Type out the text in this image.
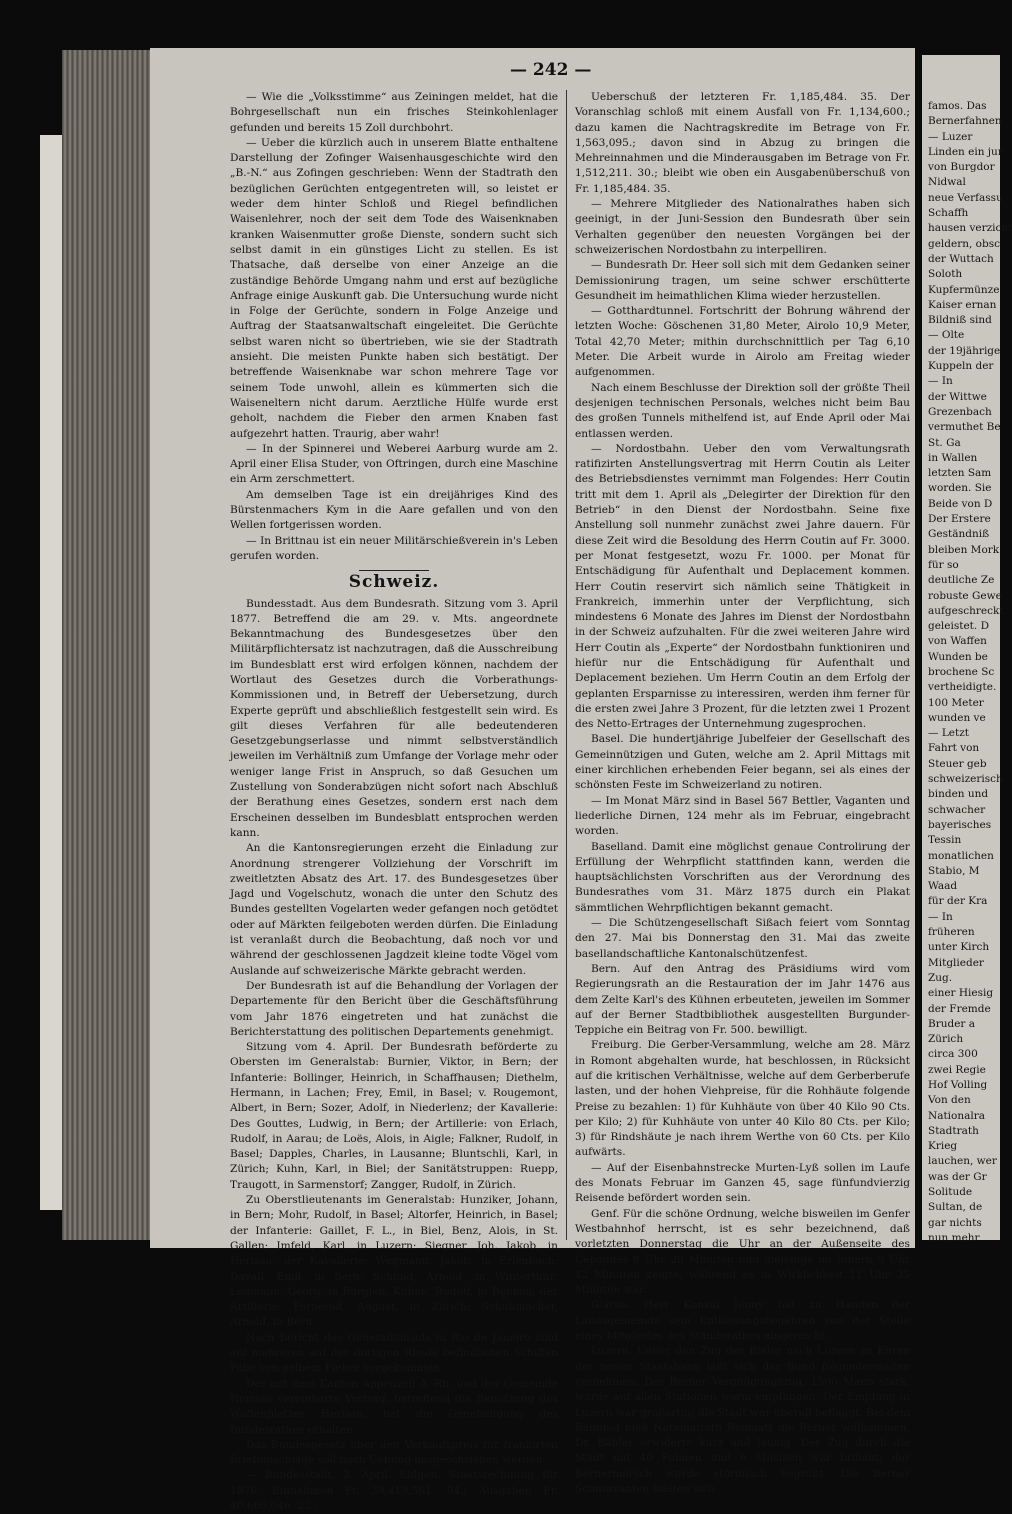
— 242 —

— Wie die „Volksstimme“ aus Zeiningen meldet, hat die Bohrgesellschaft nun ein frisches Steinkohlenlager gefunden und bereits 15 Zoll durchbohrt.

— Ueber die kürzlich auch in unserem Blatte enthaltene Darstellung der Zofinger Waisenhausgeschichte wird den „B.-N.“ aus Zofingen geschrieben: Wenn der Stadtrath den bezüglichen Gerüchten entgegentreten will, so leistet er weder dem hinter Schloß und Riegel befindlichen Waisenlehrer, noch der seit dem Tode des Waisenknaben kranken Waisenmutter große Dienste, sondern sucht sich selbst damit in ein günstiges Licht zu stellen. Es ist Thatsache, daß derselbe von einer Anzeige an die zuständige Behörde Umgang nahm und erst auf bezügliche Anfrage einige Auskunft gab. Die Untersuchung wurde nicht in Folge der Gerüchte, sondern in Folge Anzeige und Auftrag der Staatsanwaltschaft eingeleitet. Die Gerüchte selbst waren nicht so übertrieben, wie sie der Stadtrath ansieht. Die meisten Punkte haben sich bestätigt. Der betreffende Waisenknabe war schon mehrere Tage vor seinem Tode unwohl, allein es kümmerten sich die Waiseneltern nicht darum. Aerztliche Hülfe wurde erst geholt, nachdem die Fieber den armen Knaben fast aufgezehrt hatten. Traurig, aber wahr!

— In der Spinnerei und Weberei Aarburg wurde am 2. April einer Elisa Studer, von Oftringen, durch eine Maschine ein Arm zerschmettert.

Am demselben Tage ist ein dreijähriges Kind des Bürstenmachers Kym in die Aare gefallen und von den Wellen fortgerissen worden.

— In Brittnau ist ein neuer Militärschießverein in's Leben gerufen worden.

Schweiz.

Bundesstadt. Aus dem Bundesrath. Sitzung vom 3. April 1877. Betreffend die am 29. v. Mts. angeordnete Bekanntmachung des Bundesgesetzes über den Militärpflichtersatz ist nachzutragen, daß die Ausschreibung im Bundesblatt erst wird erfolgen können, nachdem der Wortlaut des Gesetzes durch die Vorberathungs-Kommissionen und, in Betreff der Uebersetzung, durch Experte geprüft und abschließlich festgestellt sein wird. Es gilt dieses Verfahren für alle bedeutenderen Gesetzgebungserlasse und nimmt selbstverständlich jeweilen im Verhältniß zum Umfange der Vorlage mehr oder weniger lange Frist in Anspruch, so daß Gesuchen um Zustellung von Sonderabzügen nicht sofort nach Abschluß der Berathung eines Gesetzes, sondern erst nach dem Erscheinen desselben im Bundesblatt entsprochen werden kann.

An die Kantonsregierungen erzeht die Einladung zur Anordnung strengerer Vollziehung der Vorschrift im zweitletzten Absatz des Art. 17. des Bundesgesetzes über Jagd und Vogelschutz, wonach die unter den Schutz des Bundes gestellten Vogelarten weder gefangen noch getödtet oder auf Märkten feilgeboten werden dürfen. Die Einladung ist veranlaßt durch die Beobachtung, daß noch vor und während der geschlossenen Jagdzeit kleine todte Vögel vom Auslande auf schweizerische Märkte gebracht werden.

Der Bundesrath ist auf die Behandlung der Vorlagen der Departemente für den Bericht über die Geschäftsführung vom Jahr 1876 eingetreten und hat zunächst die Berichterstattung des politischen Departements genehmigt.

Sitzung vom 4. April. Der Bundesrath beförderte zu Obersten im Generalstab: Burnier, Viktor, in Bern; der Infanterie: Bollinger, Heinrich, in Schaffhausen; Diethelm, Hermann, in Lachen; Frey, Emil, in Basel; v. Rougemont, Albert, in Bern; Sozer, Adolf, in Niederlenz; der Kavallerie: Des Gouttes, Ludwig, in Bern; der Artillerie: von Erlach, Rudolf, in Aarau; de Loës, Alois, in Aigle; Falkner, Rudolf, in Basel; Dapples, Charles, in Lausanne; Bluntschli, Karl, in Zürich; Kuhn, Karl, in Biel; der Sanitätstruppen: Ruepp, Traugott, in Sarmenstorf; Zangger, Rudolf, in Zürich.

Zu Oberstlieutenants im Generalstab: Hunziker, Johann, in Bern; Mohr, Rudolf, in Basel; Altorfer, Heinrich, in Basel; der Infanterie: Gaillet, F. L., in Biel, Benz, Alois, in St. Gallen; Imfeld, Karl, in Luzern; Siegner, Joh. Jakob, in Herisau; der Kavallerie: Wegmann, Jakob, in Erlenbach; Davall, Emil, in Bern; Schmid, Arnold, in Winterthur; Leumann, Georg, in Bürglen; Kühne, Rudolf, in Benken; der Artillerie: Fornerod, August, in Zürich; Schuhmacher, Arnold, in Bern.

Nach Bericht des Generalkonsuls in Rio de Janeiro sind auf mehreren auf der dortigen Rhede befindlichen Schiffen Fälle von gelbem Fieber vorgekommen.

Der mit dem Kanton Appenzell A.-Rh. und der Gemeinde Herisau vereinbarte Vertrag, betreffend die Benutzung des Waffenplatzes Herisau, hat die Genehmigung des Bundesrathes erhalten.

Das Bundesgesetz über den Verkaufspreis für frankirten Briefumschläge soll nach Uebung ausgeschrieben werden.

— Bundesstadt, 2. April. Eidgen. Staatsrechnung für 1876. Einnahmen Fr. 39,419,561. 94.; Ausgaben Fr. 40,605,046. 22.;

Ueberschuß der letzteren Fr. 1,185,484. 35. Der Voranschlag schloß mit einem Ausfall von Fr. 1,134,600.; dazu kamen die Nachtragskredite im Betrage von Fr. 1,563,095.; davon sind in Abzug zu bringen die Mehreinnahmen und die Minderausgaben im Betrage von Fr. 1,512,211. 30.; bleibt wie oben ein Ausgabenüberschuß von Fr. 1,185,484. 35.

— Mehrere Mitglieder des Nationalrathes haben sich geeinigt, in der Juni-Session den Bundesrath über sein Verhalten gegenüber den neuesten Vorgängen bei der schweizerischen Nordostbahn zu interpelliren.

— Bundesrath Dr. Heer soll sich mit dem Gedanken seiner Demissionirung tragen, um seine schwer erschütterte Gesundheit im heimathlichen Klima wieder herzustellen.

— Gotthardtunnel. Fortschritt der Bohrung während der letzten Woche: Göschenen 31,80 Meter, Airolo 10,9 Meter, Total 42,70 Meter; mithin durchschnittlich per Tag 6,10 Meter. Die Arbeit wurde in Airolo am Freitag wieder aufgenommen.

Nach einem Beschlusse der Direktion soll der größte Theil desjenigen technischen Personals, welches nicht beim Bau des großen Tunnels mithelfend ist, auf Ende April oder Mai entlassen werden.

— Nordostbahn. Ueber den vom Verwaltungsrath ratifizirten Anstellungsvertrag mit Herrn Coutin als Leiter des Betriebsdienstes vernimmt man Folgendes: Herr Coutin tritt mit dem 1. April als „Delegirter der Direktion für den Betrieb“ in den Dienst der Nordostbahn. Seine fixe Anstellung soll nunmehr zunächst zwei Jahre dauern. Für diese Zeit wird die Besoldung des Herrn Coutin auf Fr. 3000. per Monat festgesetzt, wozu Fr. 1000. per Monat für Entschädigung für Aufenthalt und Deplacement kommen. Herr Coutin reservirt sich nämlich seine Thätigkeit in Frankreich, immerhin unter der Verpflichtung, sich mindestens 6 Monate des Jahres im Dienst der Nordostbahn in der Schweiz aufzuhalten. Für die zwei weiteren Jahre wird Herr Coutin als „Experte“ der Nordostbahn funktioniren und hiefür nur die Entschädigung für Aufenthalt und Deplacement beziehen. Um Herrn Coutin an dem Erfolg der geplanten Ersparnisse zu interessiren, werden ihm ferner für die ersten zwei Jahre 3 Prozent, für die letzten zwei 1 Prozent des Netto-Ertrages der Unternehmung zugesprochen.

Basel. Die hundertjährige Jubelfeier der Gesellschaft des Gemeinnützigen und Guten, welche am 2. April Mittags mit einer kirchlichen erhebenden Feier begann, sei als eines der schönsten Feste im Schweizerland zu notiren.

— Im Monat März sind in Basel 567 Bettler, Vaganten und liederliche Dirnen, 124 mehr als im Februar, eingebracht worden.

Baselland. Damit eine möglichst genaue Controlirung der Erfüllung der Wehrpflicht stattfinden kann, werden die hauptsächlichsten Vorschriften aus der Verordnung des Bundesrathes vom 31. März 1875 durch ein Plakat sämmtlichen Wehrpflichtigen bekannt gemacht.

— Die Schützengesellschaft Sißach feiert vom Sonntag den 27. Mai bis Donnerstag den 31. Mai das zweite basellandschaftliche Kantonalschützenfest.

Bern. Auf den Antrag des Präsidiums wird vom Regierungsrath an die Restauration der im Jahr 1476 aus dem Zelte Karl's des Kühnen erbeuteten, jeweilen im Sommer auf der Berner Stadtbibliothek ausgestellten Burgunder-Teppiche ein Beitrag von Fr. 500. bewilligt.

Freiburg. Die Gerber-Versammlung, welche am 28. März in Romont abgehalten wurde, hat beschlossen, in Rücksicht auf die kritischen Verhältnisse, welche auf dem Gerberberufe lasten, und der hohen Viehpreise, für die Rohhäute folgende Preise zu bezahlen: 1) für Kuhhäute von über 40 Kilo 90 Cts. per Kilo; 2) für Kuhhäute von unter 40 Kilo 80 Cts. per Kilo; 3) für Rindshäute je nach ihrem Werthe von 60 Cts. per Kilo aufwärts.

— Auf der Eisenbahnstrecke Murten-Lyß sollen im Laufe des Monats Februar im Ganzen 45, sage fünfundvierzig Reisende befördert worden sein.

Genf. Für die schöne Ordnung, welche bisweilen im Genfer Westbahnhof herrscht, ist es sehr bezeichnend, daß vorletzten Donnerstag die Uhr an der Außenseite des Gebäudes 8 Uhr 20 Minuten und diejenige im Innern 9 Uhr 12 Minuten zeigte, während es in Wirklichkeit 11 Uhr 35 Minuten war.

Glarus. Herr Konsul Jenny hat zu Handen der Landsgemeinde sein Entlassungsbegehren von der Stelle eines Mitgliedes des Ständerathes eingereicht.

Luzern. Ueber den Zug der Bieler nach Luzern zu Ehren der neuen Staatsbahn läßt sich der Bund folgendermaßen vernehmen: Der Berner Vergnügungszug, 1500 Mann stark, wurde auf allen Stationen warm empfangen. Der Empfang in Luzern war großartig; die Stadt war überall beflaggt. Bei dem Bahnhof hieß Nationalrath Bonmatt die Berner willkommen. Dr. Bähler erwiderte kurz und launig. Der Zug durch die Stadt mit 40 Fahnen und 6 Musiken war brillant; der Bernermarsch wurde stürmisch begrüßt. Die Berner Schnurranten hielten sich

famos. Das
Bernerfahnen
— Luzer
Linden ein jur
von Burgdor
Nidwal
neue Verfassu
Schaffh
hausen verzicht
geldern, obsc
der Wuttach
Soloth
Kupfermünze
Kaiser ernan
Bildniß sind
— Olte
der 19jährige
Kuppeln der
— In
der Wittwe
Grezenbach
vermuthet Be
St. Ga
in Wallen
letzten Sam
worden. Sie
Beide von D
Der Erstere
Geständniß
bleiben Mork
für so
deutliche Ze
robuste Gewe
aufgeschreckt
geleistet. D
von Waffen
Wunden be
brochene Sc
vertheidigte.
100 Meter
wunden ve
— Letzt
Fahrt von
Steuer geb
schweizerisch
binden und
schwacher
bayerisches
Tessin
monatlichen
Stabio, M
Waad
für der Kra
— In
früheren
unter Kirch
Mitglieder
Zug.
einer Hiesig
der Fremde
Bruder a
Zürich
circa 300
zwei Regie
Hof Volling
Von den
Nationalra
Stadtrath
Krieg
lauchen, wer
was der Gr
Solitude
Sultan, de
gar nichts
nun mehr
